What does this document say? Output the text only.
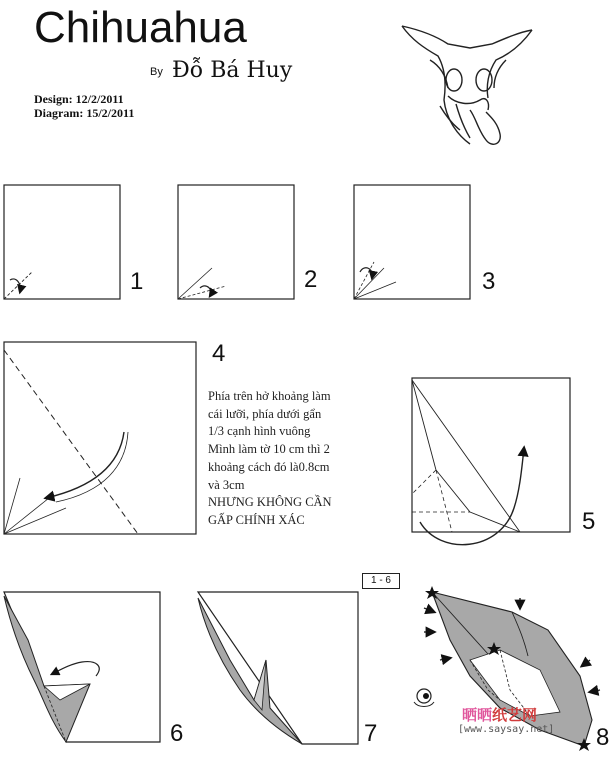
Chihuahua
By Đỗ Bá Huy
Design: 12/2/2011
Diagram: 15/2/2011
1	2	3
4
5
6	7	8
1 - 6
Phía trên hở khoảng làm
cái lưỡi, phía dưới gẩn
1/3 cạnh hình vuông
Mình làm tờ 10 cm thì 2
khoảng cách đó là0.8cm
và 3cm
NHƯNG KHÔNG CẦN
GẤP CHÍNH XÁC
晒晒纸艺网
[www.saysay.net]
